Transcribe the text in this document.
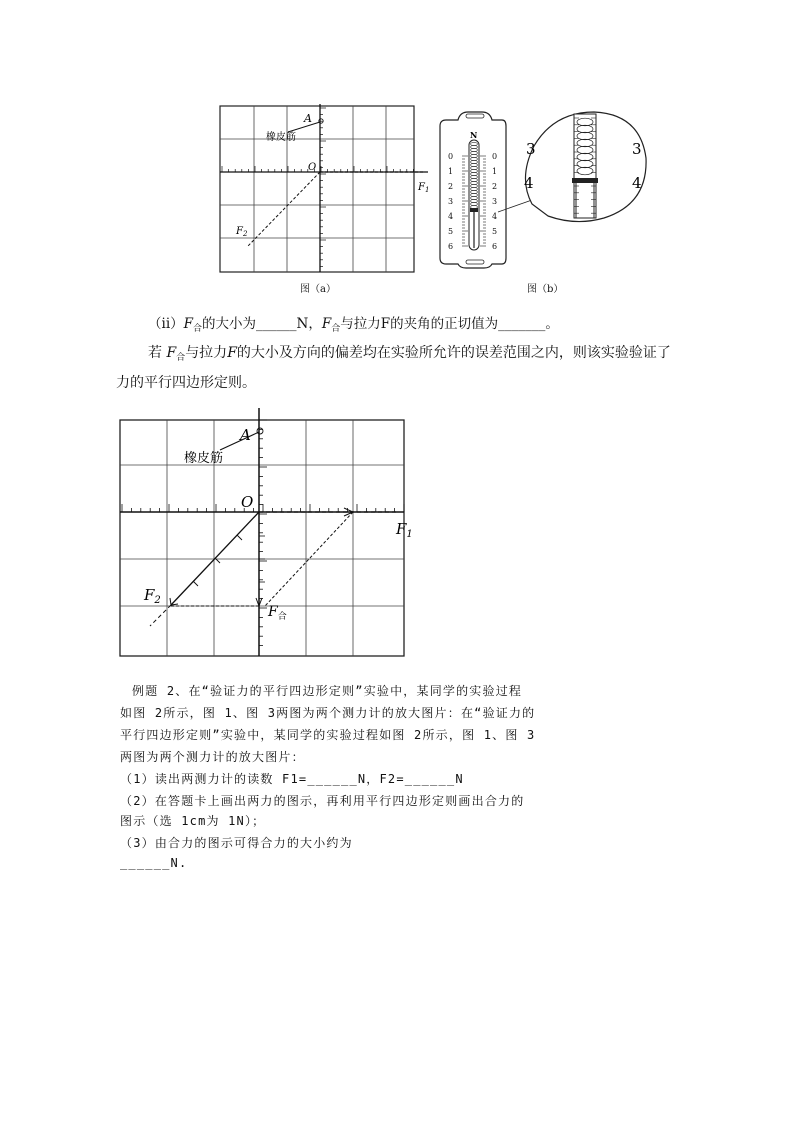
A
橡皮筋
O
$F_1$
$F_2$
图（a）
0
1
2
3
4
5
6
0
1
2
3
4
5
6
N
3	3
4	4
图（b）
$(ii)F_合$的大小为______N，$F_合$与拉力F的夹角的正切值为_______。
若 $F_合$与拉力F的大小及方向的偏差均在实验所允许的误差范围之内，则该实验验证了
力的平行四边形定则。
A
橡皮筋
O
$F_1$
$F_2$
$F_合$
例题 2、在“验证力的平行四边形定则”实验中，某同学的实验过程
如图 2所示，图 1、图 3两图为两个测力计的放大图片：在“验证力的
平行四边形定则”实验中，某同学的实验过程如图 2所示，图 1、图 3
两图为两个测力计的放大图片：
（1）读出两测力计的读数 F1=______N，F2=______N
（2）在答题卡上画出两力的图示，再利用平行四边形定则画出合力的
图示（选 1cm为 1N）；
（3）由合力的图示可得合力的大小约为
______N.
